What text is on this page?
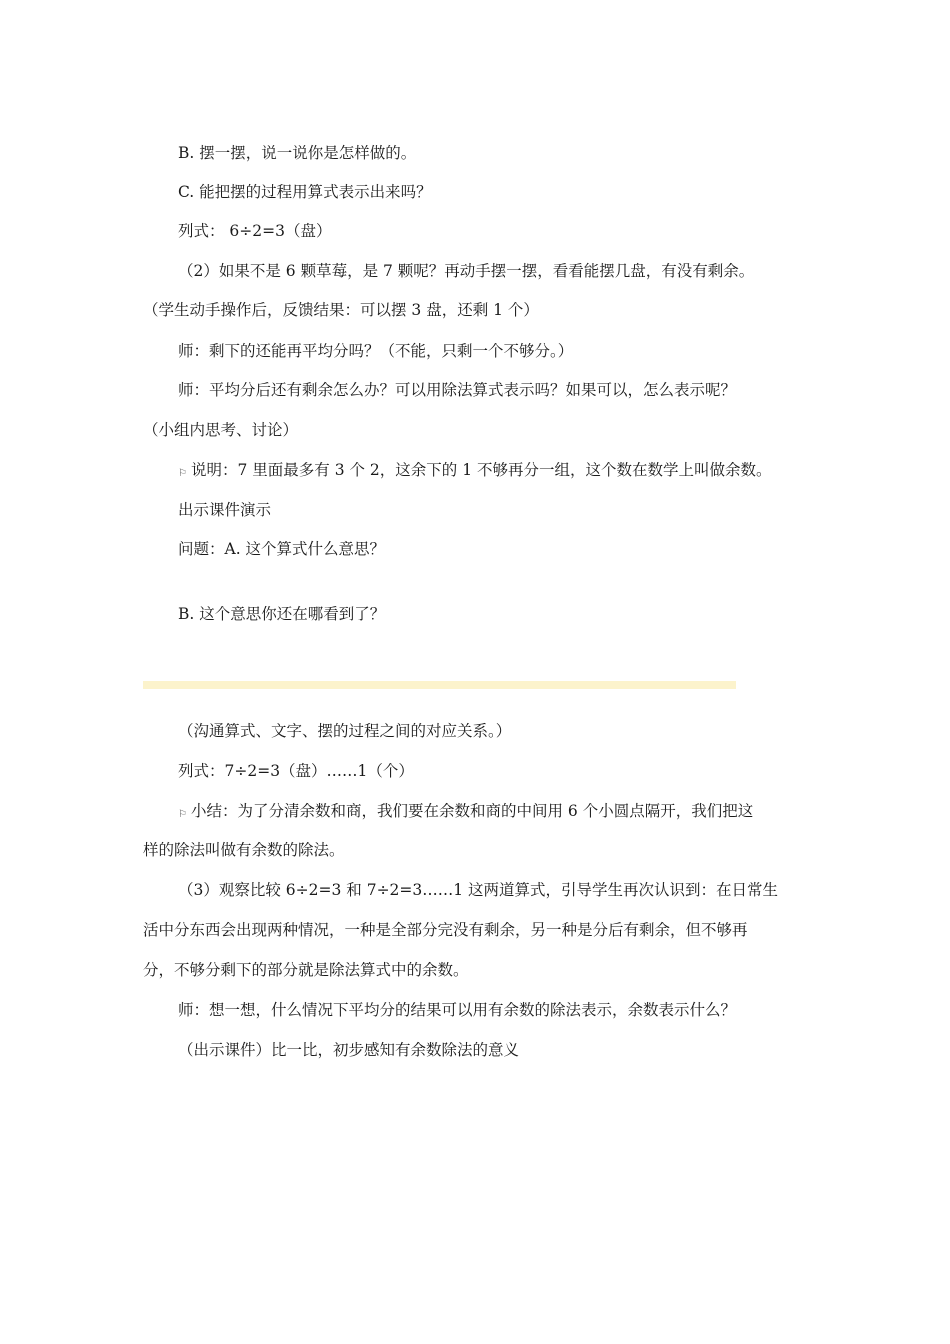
B. 摆一摆，说一说你是怎样做的。
C. 能把摆的过程用算式表示出来吗？
列式： 6÷2=3（盘）
（2）如果不是 6 颗草莓，是 7 颗呢？再动手摆一摆，看看能摆几盘，有没有剩余。
（学生动手操作后，反馈结果：可以摆 3 盘，还剩 1 个）
师：剩下的还能再平均分吗？（不能，只剩一个不够分。）
师：平均分后还有剩余怎么办？可以用除法算式表示吗？如果可以，怎么表示呢？
（小组内思考、讨论）
⚐ 说明：7 里面最多有 3 个 2，这余下的 1 不够再分一组，这个数在数学上叫做余数。
出示课件演示
问题：A. 这个算式什么意思？
B. 这个意思你还在哪看到了？
（沟通算式、文字、摆的过程之间的对应关系。）
列式：7÷2=3（盘）……1（个）
⚐ 小结：为了分清余数和商，我们要在余数和商的中间用 6 个小圆点隔开，我们把这
样的除法叫做有余数的除法。
（3）观察比较 6÷2=3 和 7÷2=3……1 这两道算式，引导学生再次认识到：在日常生
活中分东西会出现两种情况，一种是全部分完没有剩余，另一种是分后有剩余，但不够再
分，不够分剩下的部分就是除法算式中的余数。
师：想一想，什么情况下平均分的结果可以用有余数的除法表示，余数表示什么？
（出示课件）比一比，初步感知有余数除法的意义
